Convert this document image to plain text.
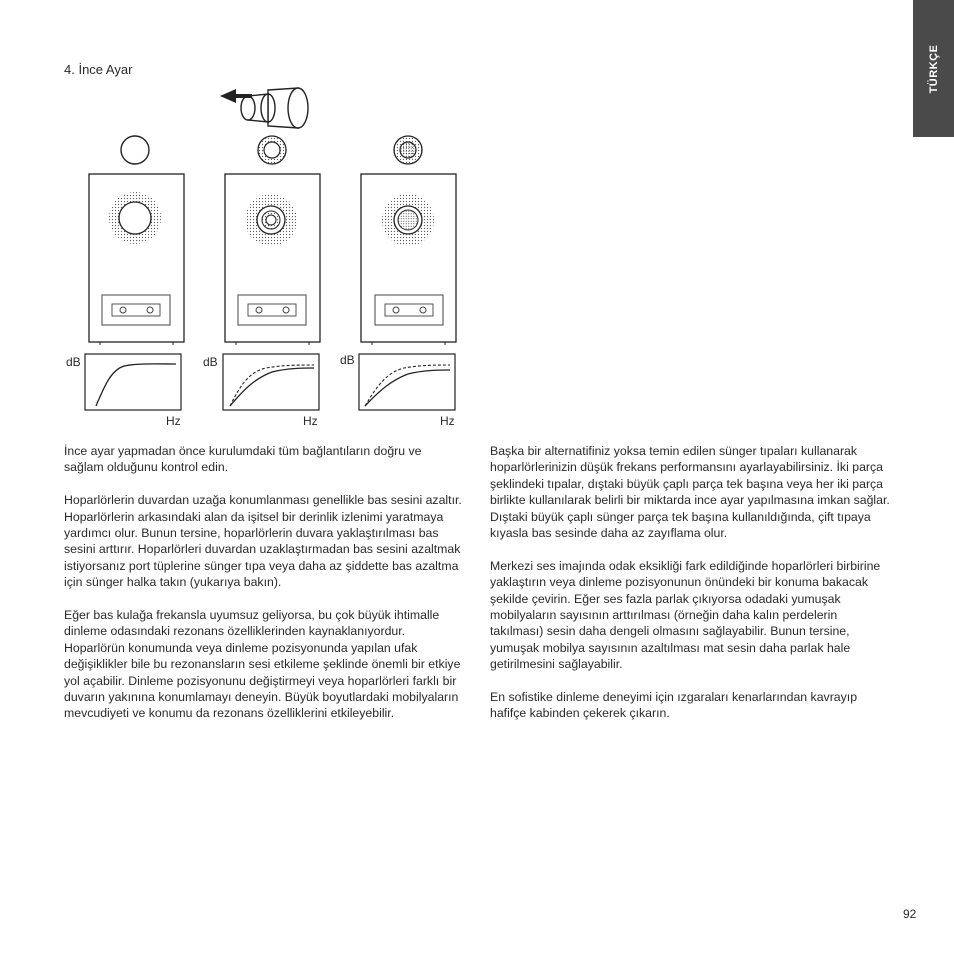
TÜRKÇE
4. İnce Ayar
dB
Hz
dB
Hz
dB
Hz

İnce ayar yapmadan önce kurulumdaki tüm bağlantıların doğru ve sağlam olduğunu kontrol edin.

Hoparlörlerin duvardan uzağa konumlanması genellikle bas sesini azaltır. Hoparlörlerin arkasındaki alan da işitsel bir derinlik izlenimi yaratmaya yardımcı olur. Bunun tersine, hoparlörlerin duvara yaklaştırılması bas sesini arttırır. Hoparlörleri duvardan uzaklaştırmadan bas sesini azaltmak istiyorsanız port tüplerine sünger tıpa veya daha az şiddette bas azaltma için sünger halka takın (yukarıya bakın).

Eğer bas kulağa frekansla uyumsuz geliyorsa, bu çok büyük ihtimalle dinleme odasındaki rezonans özelliklerinden kaynaklanıyordur. Hoparlörün konumunda veya dinleme pozisyonunda yapılan ufak değişiklikler bile bu rezonansların sesi etkileme şeklinde önemli bir etkiye yol açabilir. Dinleme pozisyonunu değiştirmeyi veya hoparlörleri farklı bir duvarın yakınına konumlamayı deneyin. Büyük boyutlardaki mobilyaların mevcudiyeti ve konumu da rezonans özelliklerini etkileyebilir.

Başka bir alternatifiniz yoksa temin edilen sünger tıpaları kullanarak hoparlörlerinizin düşük frekans performansını ayarlayabilirsiniz. İki parça şeklindeki tıpalar, dıştaki büyük çaplı parça tek başına veya her iki parça birlikte kullanılarak belirli bir miktarda ince ayar yapılmasına imkan sağlar. Dıştaki büyük çaplı sünger parça tek başına kullanıldığında, çift tıpaya kıyasla bas sesinde daha az zayıflama olur.

Merkezi ses imajında odak eksikliği fark edildiğinde hoparlörleri birbirine yaklaştırın veya dinleme pozisyonunun önündeki bir konuma bakacak şekilde çevirin. Eğer ses fazla parlak çıkıyorsa odadaki yumuşak mobilyaların sayısının arttırılması (örneğin daha kalın perdelerin takılması) sesin daha dengeli olmasını sağlayabilir. Bunun tersine, yumuşak mobilya sayısının azaltılması mat sesin daha parlak hale getirilmesini sağlayabilir.

En sofistike dinleme deneyimi için ızgaraları kenarlarından kavrayıp hafifçe kabinden çekerek çıkarın.

92
